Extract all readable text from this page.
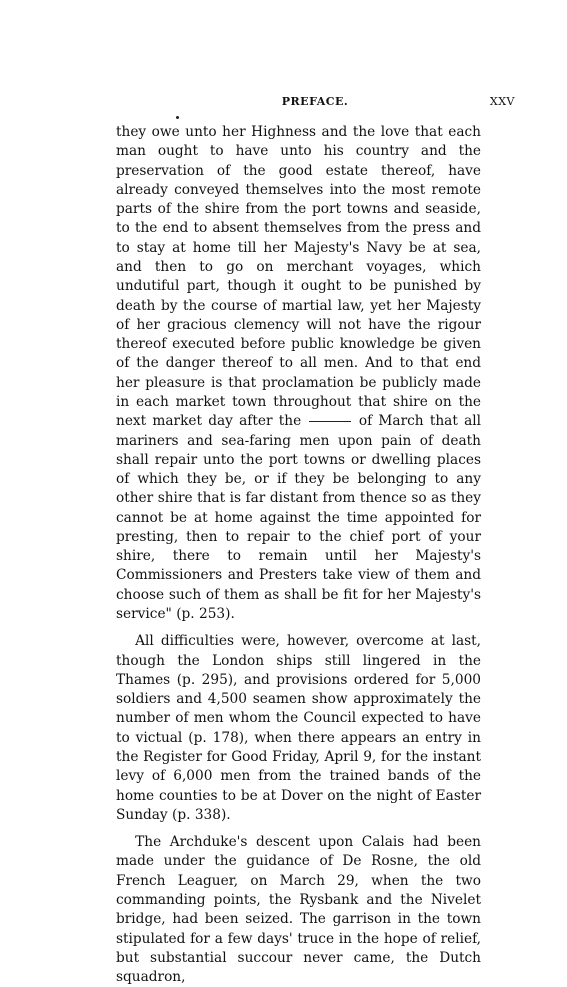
PREFACE.	XXV

they owe unto her Highness and the love that each man ought to have unto his country and the preservation of the good estate thereof, have already conveyed themselves into the most remote parts of the shire from the port towns and seaside, to the end to absent themselves from the press and to stay at home till her Majesty's Navy be at sea, and then to go on merchant voyages, which undutiful part, though it ought to be punished by death by the course of martial law, yet her Majesty of her gracious clemency will not have the rigour thereof executed before public knowledge be given of the danger thereof to all men. And to that end her pleasure is that proclamation be publicly made in each market town throughout that shire on the next market day after the	of March that all mariners and sea-faring men upon pain of death shall repair unto the port towns or dwelling places of which they be, or if they be belonging to any other shire that is far distant from thence so as they cannot be at home against the time appointed for presting, then to repair to the chief port of your shire, there to remain until her Majesty's Commissioners and Presters take view of them and choose such of them as shall be fit for her Majesty's service" (p. 253).

All difficulties were, however, overcome at last, though the London ships still lingered in the Thames (p. 295), and provisions ordered for 5,000 soldiers and 4,500 seamen show approximately the number of men whom the Council expected to have to victual (p. 178), when there appears an entry in the Register for Good Friday, April 9, for the instant levy of 6,000 men from the trained bands of the home counties to be at Dover on the night of Easter Sunday (p. 338).

The Archduke's descent upon Calais had been made under the guidance of De Rosne, the old French Leaguer, on March 29, when the two commanding points, the Rysbank and the Nivelet bridge, had been seized. The garrison in the town stipulated for a few days' truce in the hope of relief, but substantial succour never came, the Dutch squadron,
